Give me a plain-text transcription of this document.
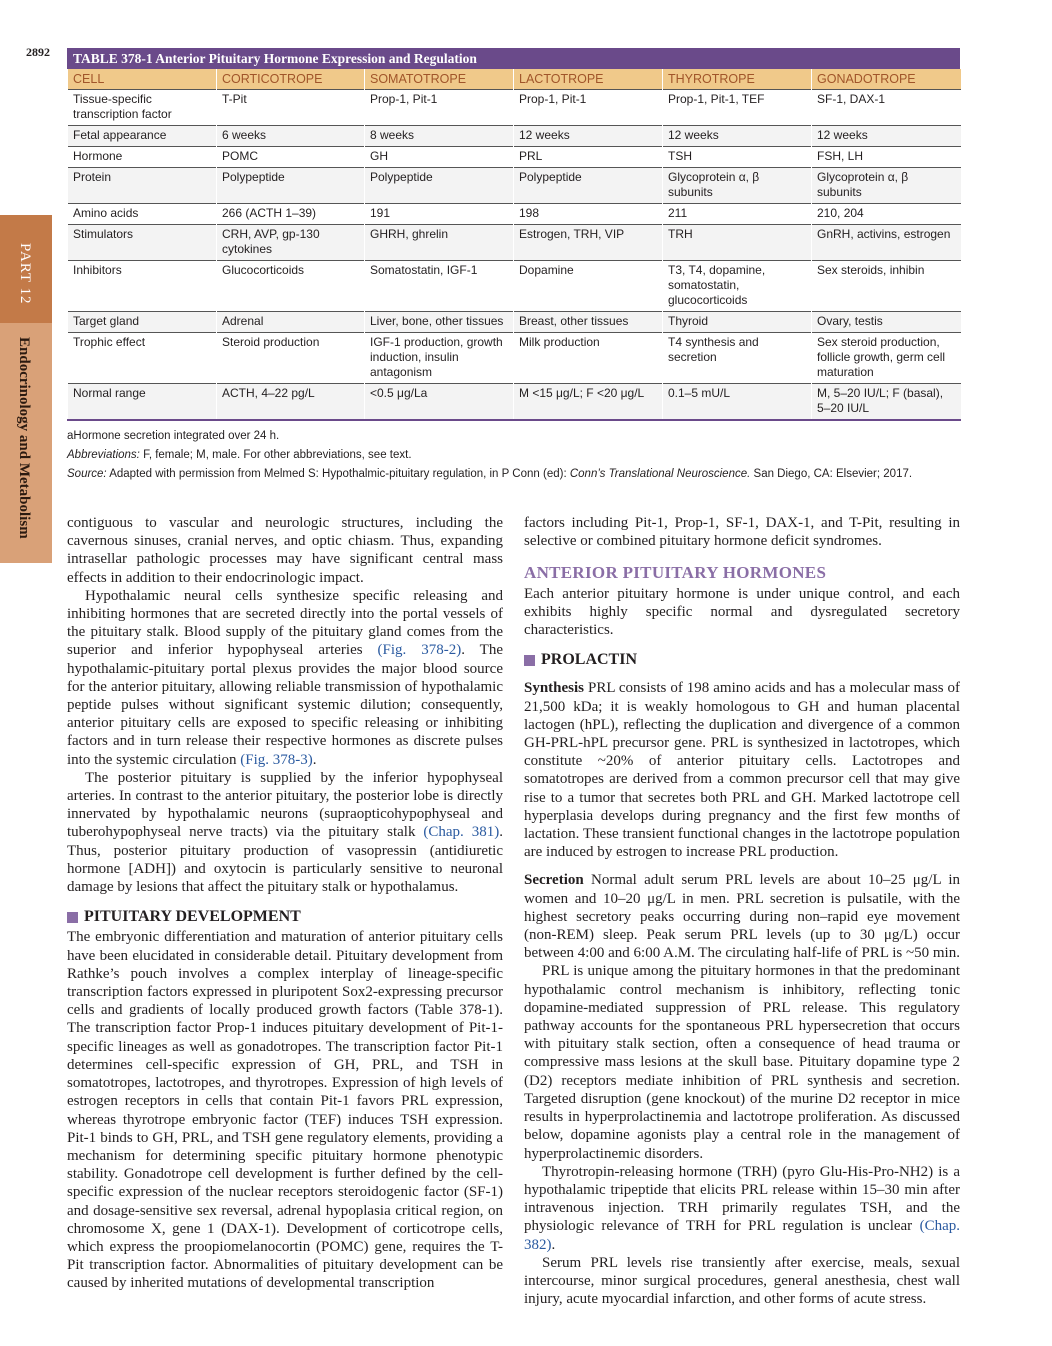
2892
PART 12
Endocrinology and Metabolism
TABLE 378-1 Anterior Pituitary Hormone Expression and Regulation
CELL	CORTICOTROPE	SOMATOTROPE	LACTOTROPE	THYROTROPE	GONADOTROPE
Tissue-specific transcription factor	T-Pit	Prop-1, Pit-1	Prop-1, Pit-1	Prop-1, Pit-1, TEF	SF-1, DAX-1
Fetal appearance	6 weeks	8 weeks	12 weeks	12 weeks	12 weeks
Hormone	POMC	GH	PRL	TSH	FSH, LH
Protein	Polypeptide	Polypeptide	Polypeptide	Glycoprotein α, β subunits	Glycoprotein α, β subunits
Amino acids	266 (ACTH 1–39)	191	198	211	210, 204
Stimulators	CRH, AVP, gp-130 cytokines	GHRH, ghrelin	Estrogen, TRH, VIP	TRH	GnRH, activins, estrogen
Inhibitors	Glucocorticoids	Somatostatin, IGF-1	Dopamine	T3, T4, dopamine, somatostatin, glucocorticoids	Sex steroids, inhibin
Target gland	Adrenal	Liver, bone, other tissues	Breast, other tissues	Thyroid	Ovary, testis
Trophic effect	Steroid production	IGF-1 production, growth induction, insulin antagonism	Milk production	T4 synthesis and secretion	Sex steroid production, follicle growth, germ cell maturation
Normal range	ACTH, 4–22 pg/L	<0.5 μg/La	M <15 μg/L; F <20 μg/L	0.1–5 mU/L	M, 5–20 IU/L; F (basal), 5–20 IU/L
aHormone secretion integrated over 24 h.
Abbreviations: F, female; M, male. For other abbreviations, see text.
Source: Adapted with permission from Melmed S: Hypothalmic-pituitary regulation, in P Conn (ed): Conn’s Translational Neuroscience. San Diego, CA: Elsevier; 2017.

contiguous to vascular and neurologic structures, including the cavernous sinuses, cranial nerves, and optic chiasm. Thus, expanding intrasellar pathologic processes may have significant central mass effects in addition to their endocrinologic impact.

Hypothalamic neural cells synthesize specific releasing and inhibiting hormones that are secreted directly into the portal vessels of the pituitary stalk. Blood supply of the pituitary gland comes from the superior and inferior hypophyseal arteries (Fig. 378-2). The hypothalamic-pituitary portal plexus provides the major blood source for the anterior pituitary, allowing reliable transmission of hypothalamic peptide pulses without significant systemic dilution; consequently, anterior pituitary cells are exposed to specific releasing or inhibiting factors and in turn release their respective hormones as discrete pulses into the systemic circulation (Fig. 378-3).

The posterior pituitary is supplied by the inferior hypophyseal arteries. In contrast to the anterior pituitary, the posterior lobe is directly innervated by hypothalamic neurons (supraopticohypophyseal and tuberohypophyseal nerve tracts) via the pituitary stalk (Chap. 381). Thus, posterior pituitary production of vasopressin (antidiuretic hormone [ADH]) and oxytocin is particularly sensitive to neuronal damage by lesions that affect the pituitary stalk or hypothalamus.

PITUITARY DEVELOPMENT

The embryonic differentiation and maturation of anterior pituitary cells have been elucidated in considerable detail. Pituitary development from Rathke’s pouch involves a complex interplay of lineage-specific transcription factors expressed in pluripotent Sox2-expressing precursor cells and gradients of locally produced growth factors (Table 378-1). The transcription factor Prop-1 induces pituitary development of Pit-1-specific lineages as well as gonadotropes. The transcription factor Pit-1 determines cell-specific expression of GH, PRL, and TSH in somatotropes, lactotropes, and thyrotropes. Expression of high levels of estrogen receptors in cells that contain Pit-1 favors PRL expression, whereas thyrotrope embryonic factor (TEF) induces TSH expression. Pit-1 binds to GH, PRL, and TSH gene regulatory elements, providing a mechanism for determining specific pituitary hormone phenotypic stability. Gonadotrope cell development is further defined by the cell-specific expression of the nuclear receptors steroidogenic factor (SF-1) and dosage-sensitive sex reversal, adrenal hypoplasia critical region, on chromosome X, gene 1 (DAX-1). Development of corticotrope cells, which express the proopiomelanocortin (POMC) gene, requires the T-Pit transcription factor. Abnormalities of pituitary development can be caused by inherited mutations of developmental transcription

factors including Pit-1, Prop-1, SF-1, DAX-1, and T-Pit, resulting in selective or combined pituitary hormone deficit syndromes.

ANTERIOR PITUITARY HORMONES

Each anterior pituitary hormone is under unique control, and each exhibits highly specific normal and dysregulated secretory characteristics.

PROLACTIN

Synthesis PRL consists of 198 amino acids and has a molecular mass of 21,500 kDa; it is weakly homologous to GH and human placental lactogen (hPL), reflecting the duplication and divergence of a common GH-PRL-hPL precursor gene. PRL is synthesized in lactotropes, which constitute ~20% of anterior pituitary cells. Lactotropes and somatotropes are derived from a common precursor cell that may give rise to a tumor that secretes both PRL and GH. Marked lactotrope cell hyperplasia develops during pregnancy and the first few months of lactation. These transient functional changes in the lactotrope population are induced by estrogen to increase PRL production.

Secretion Normal adult serum PRL levels are about 10–25 μg/L in women and 10–20 μg/L in men. PRL secretion is pulsatile, with the highest secretory peaks occurring during non–rapid eye movement (non-REM) sleep. Peak serum PRL levels (up to 30 μg/L) occur between 4:00 and 6:00 A.M. The circulating half-life of PRL is ~50 min.

PRL is unique among the pituitary hormones in that the predominant hypothalamic control mechanism is inhibitory, reflecting tonic dopamine-mediated suppression of PRL release. This regulatory pathway accounts for the spontaneous PRL hypersecretion that occurs with pituitary stalk section, often a consequence of head trauma or compressive mass lesions at the skull base. Pituitary dopamine type 2 (D2) receptors mediate inhibition of PRL synthesis and secretion. Targeted disruption (gene knockout) of the murine D2 receptor in mice results in hyperprolactinemia and lactotrope proliferation. As discussed below, dopamine agonists play a central role in the management of hyperprolactinemic disorders.

Thyrotropin-releasing hormone (TRH) (pyro Glu-His-Pro-NH2) is a hypothalamic tripeptide that elicits PRL release within 15–30 min after intravenous injection. TRH primarily regulates TSH, and the physiologic relevance of TRH for PRL regulation is unclear (Chap. 382).

Serum PRL levels rise transiently after exercise, meals, sexual intercourse, minor surgical procedures, general anesthesia, chest wall injury, acute myocardial infarction, and other forms of acute stress.
